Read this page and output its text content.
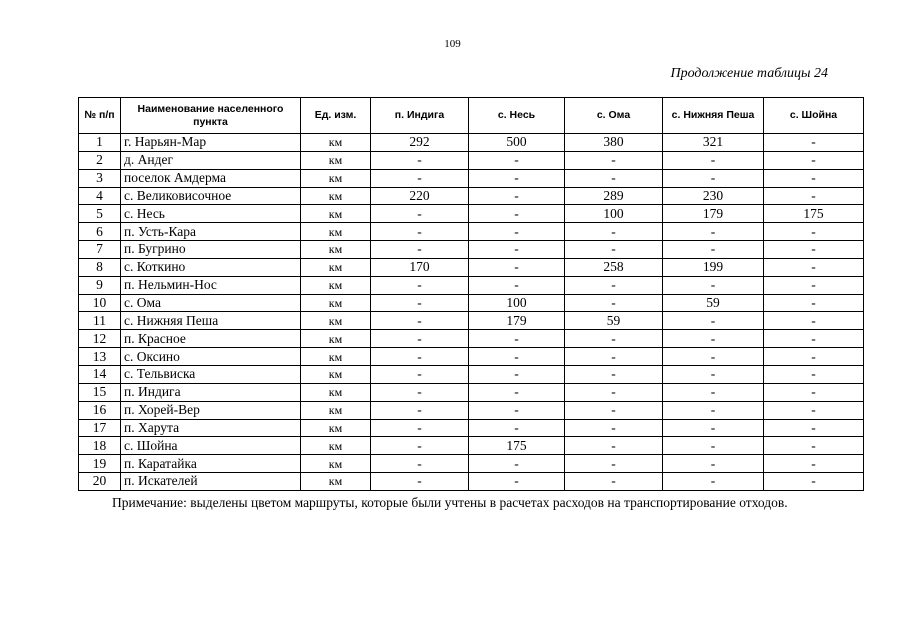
109
Продолжение таблицы 24
№ п/п	Наименование населенного пункта	Ед. изм.	п. Индига	с. Несь	с. Ома	с. Нижняя Пеша	с. Шойна
1	г. Нарьян-Мар	км	292	500	380	321	-
2	д. Андег	км	-	-	-	-	-
3	поселок Амдерма	км	-	-	-	-	-
4	с. Великовисочное	км	220	-	289	230	-
5	с. Несь	км	-	-	100	179	175
6	п. Усть-Кара	км	-	-	-	-	-
7	п. Бугрино	км	-	-	-	-	-
8	с. Коткино	км	170	-	258	199	-
9	п. Нельмин-Нос	км	-	-	-	-	-
10	с. Ома	км	-	100	-	59	-
11	с. Нижняя Пеша	км	-	179	59	-	-
12	п. Красное	км	-	-	-	-	-
13	с. Оксино	км	-	-	-	-	-
14	с. Тельвиска	км	-	-	-	-	-
15	п. Индига	км	-	-	-	-	-
16	п. Хорей-Вер	км	-	-	-	-	-
17	п. Харута	км	-	-	-	-	-
18	с. Шойна	км	-	175	-	-	-
19	п. Каратайка	км	-	-	-	-	-
20	п. Искателей	км	-	-	-	-	-
Примечание: выделены цветом маршруты, которые были учтены в расчетах расходов на транспортирование отходов.
